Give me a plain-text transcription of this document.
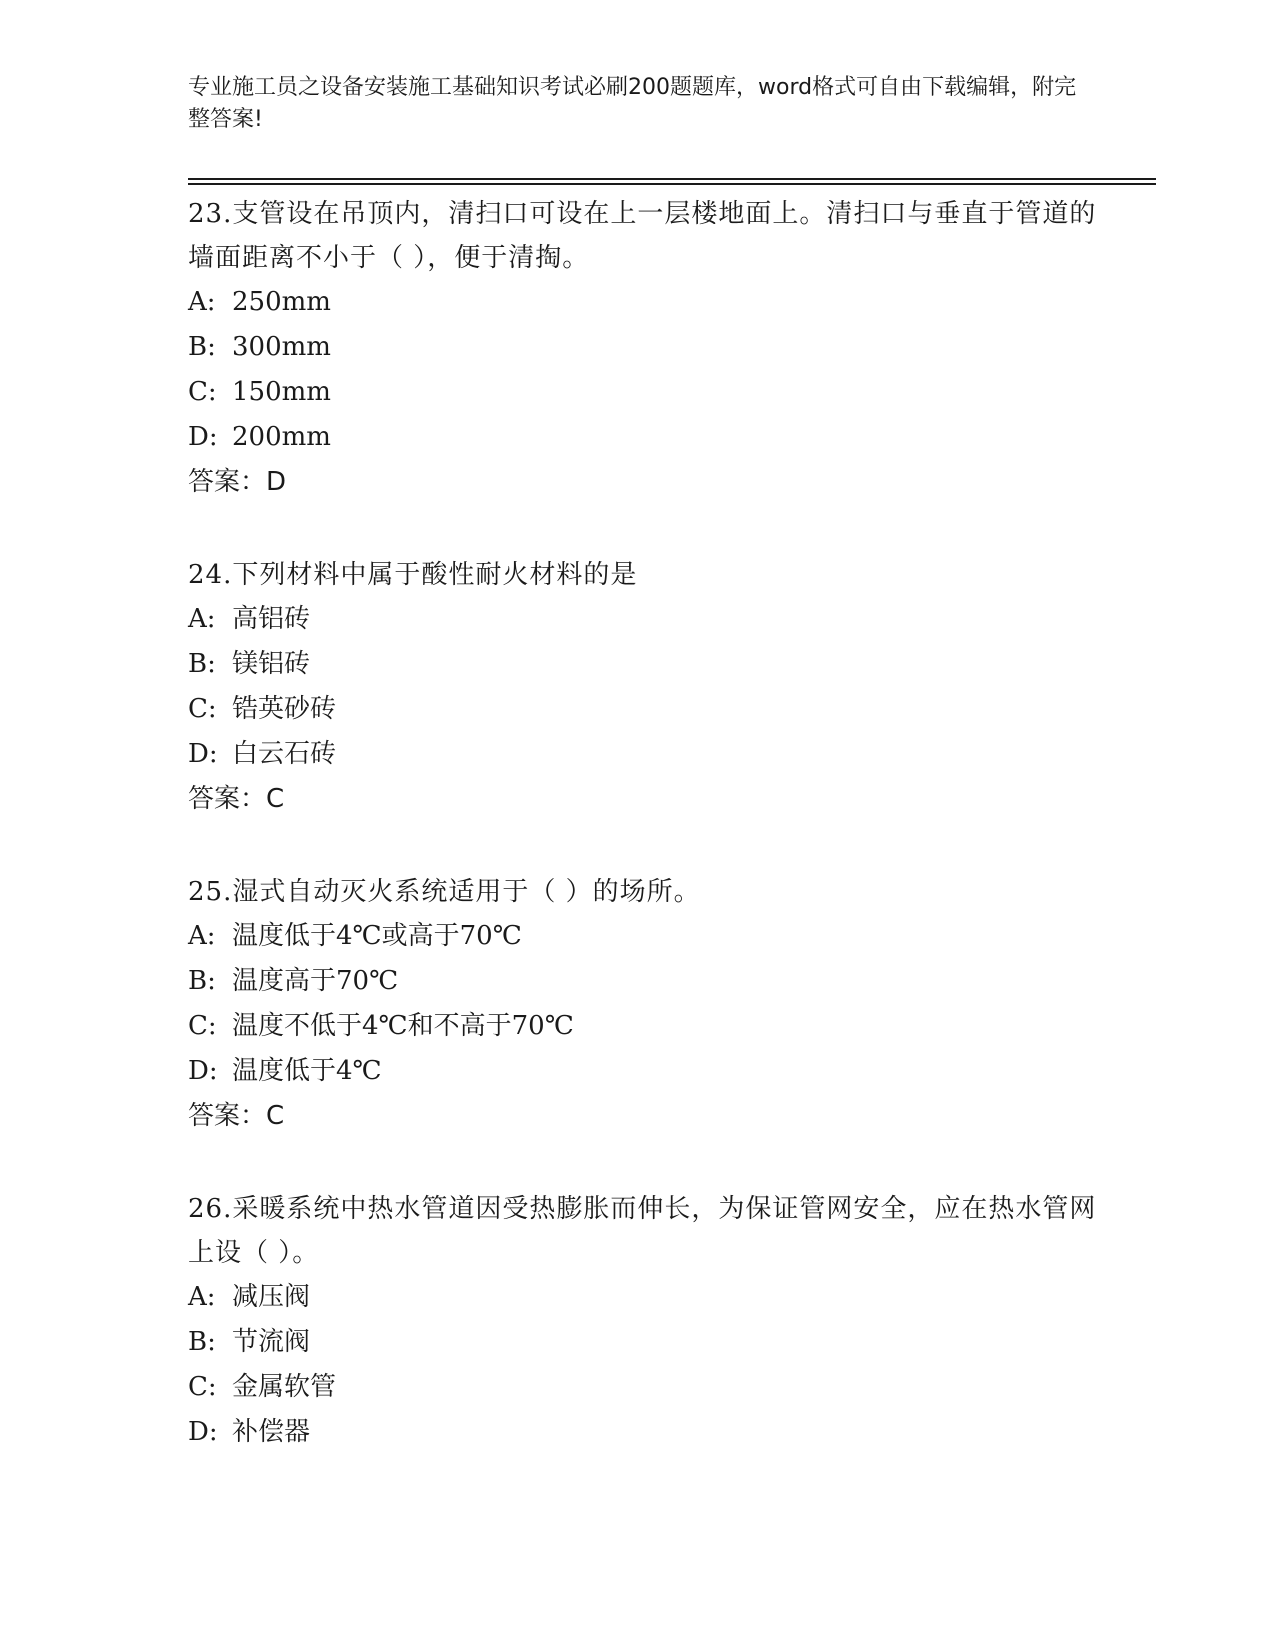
专业施工员之设备安装施工基础知识考试必刷200题题库，word格式可自由下载编辑，附完整答案!

23.支管设在吊顶内，清扫口可设在上一层楼地面上。清扫口与垂直于管道的墙面距离不小于（ ），便于清掏。

A: 250mm

B: 300mm

C: 150mm

D: 200mm

答案：D

24.下列材料中属于酸性耐火材料的是

A: 高铝砖

B: 镁铝砖

C: 锆英砂砖

D: 白云石砖

答案：C

25.湿式自动灭火系统适用于（ ）的场所。

A: 温度低于4℃或高于70℃

B: 温度高于70℃

C: 温度不低于4℃和不高于70℃

D: 温度低于4℃

答案：C

26.采暖系统中热水管道因受热膨胀而伸长，为保证管网安全，应在热水管网上设（ ）。

A: 减压阀

B: 节流阀

C: 金属软管

D: 补偿器
